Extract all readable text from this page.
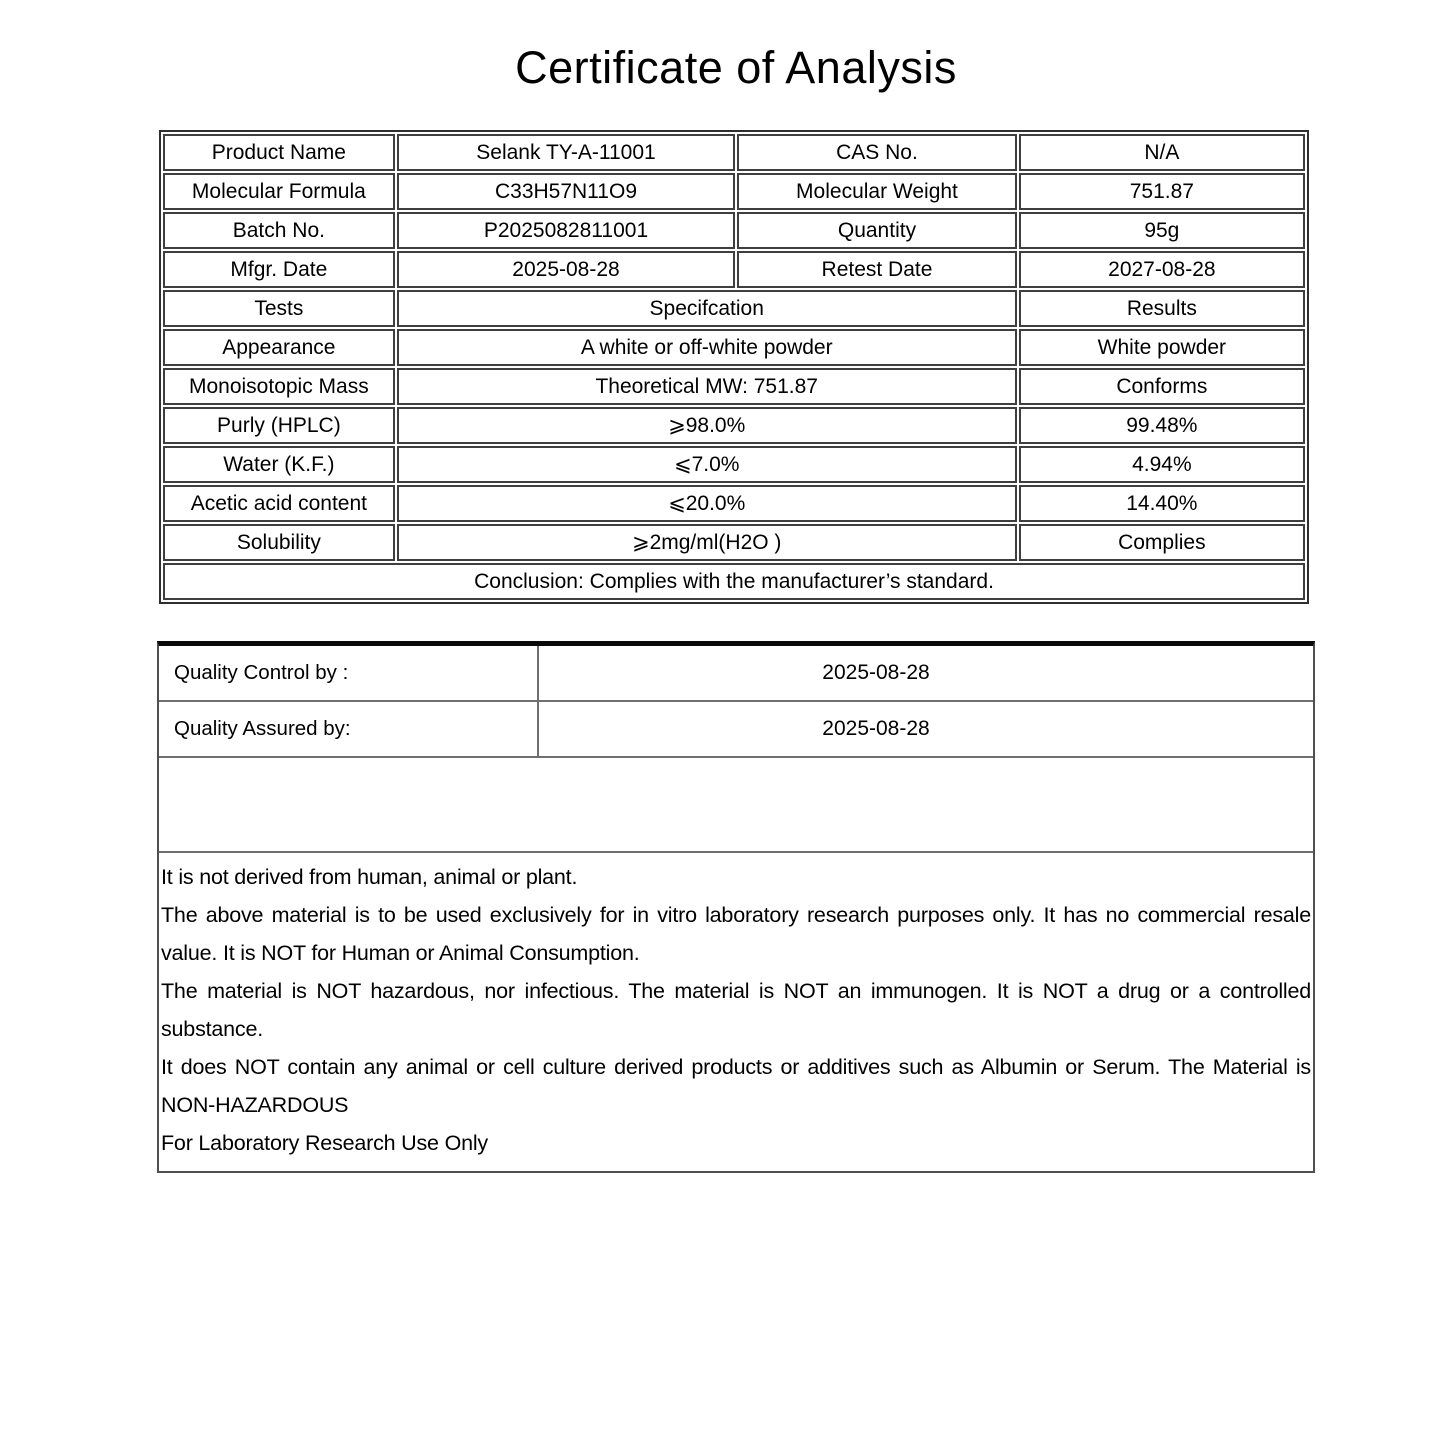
Certificate of Analysis
Product Name	Selank TY-A-11001	CAS No.	N/A
Molecular Formula	C33H57N11O9	Molecular Weight	751.87
Batch No.	P2025082811001	Quantity	95g
Mfgr. Date	2025-08-28	Retest Date	2027-08-28
Tests	Specifcation		Results
Appearance	A white or off-white powder		White powder
Monoisotopic Mass	Theoretical MW: 751.87		Conforms
Purly (HPLC)	⩾98.0%		99.48%
Water (K.F.)	⩽7.0%		4.94%
Acetic acid content	⩽20.0%		14.40%
Solubility	⩾2mg/ml(H2O )		Complies
Conclusion: Complies with the manufacturer’s standard.			
Quality Control by :	2025-08-28
Quality Assured by:	2025-08-28

It is not derived from human, animal or plant.

The above material is to be used exclusively for in vitro laboratory research purposes only. It has no commercial resale value. It is NOT for Human or Animal Consumption.

The material is NOT hazardous, nor infectious. The material is NOT an immunogen. It is NOT a drug or a controlled substance.

It does NOT contain any animal or cell culture derived products or additives such as Albumin or Serum. The Material is NON-HAZARDOUS

For Laboratory Research Use Only
